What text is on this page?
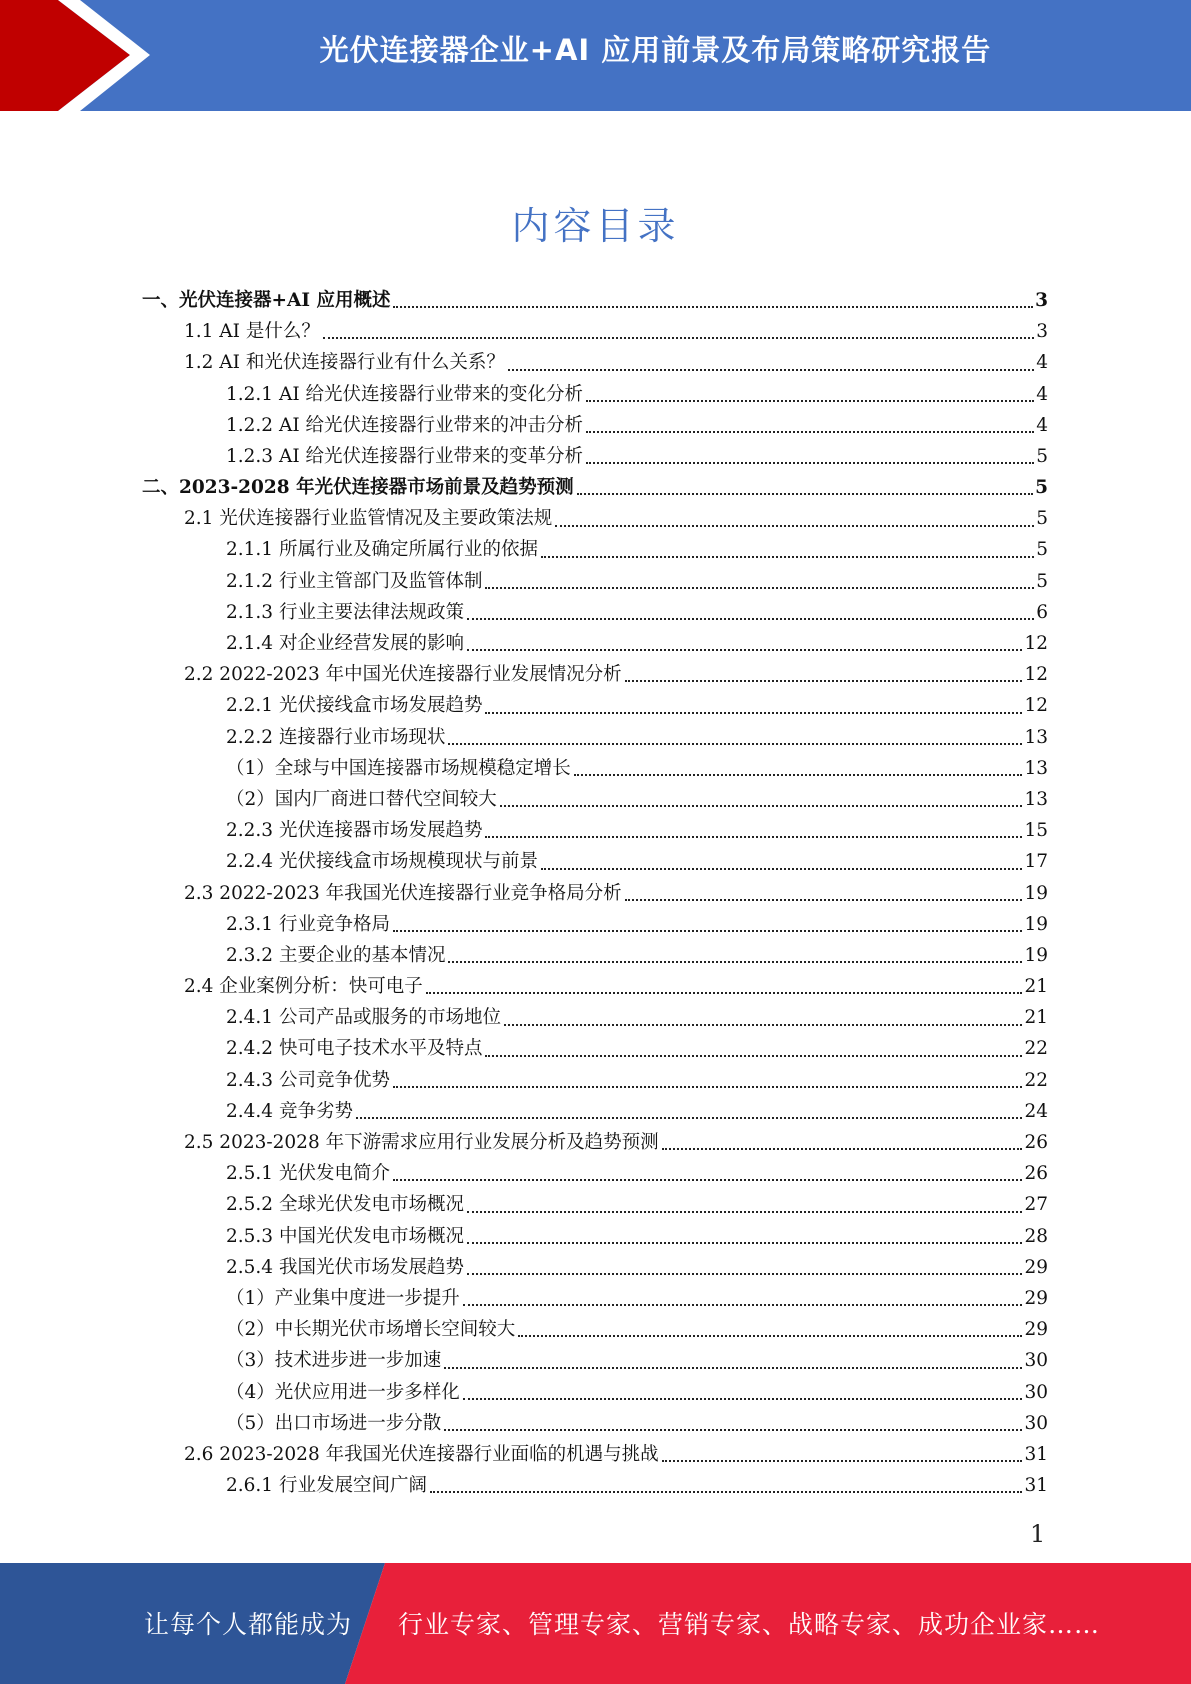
光伏连接器企业+AI 应用前景及布局策略研究报告
内容目录
一、光伏连接器+AI 应用概述	3
1.1 AI 是什么？	3
1.2 AI 和光伏连接器行业有什么关系？	4
1.2.1 AI 给光伏连接器行业带来的变化分析	4
1.2.2 AI 给光伏连接器行业带来的冲击分析	4
1.2.3 AI 给光伏连接器行业带来的变革分析	5
二、2023-2028 年光伏连接器市场前景及趋势预测	5
2.1 光伏连接器行业监管情况及主要政策法规	5
2.1.1 所属行业及确定所属行业的依据	5
2.1.2 行业主管部门及监管体制	5
2.1.3 行业主要法律法规政策	6
2.1.4 对企业经营发展的影响	12
2.2 2022-2023 年中国光伏连接器行业发展情况分析	12
2.2.1 光伏接线盒市场发展趋势	12
2.2.2 连接器行业市场现状	13
（1）全球与中国连接器市场规模稳定增长	13
（2）国内厂商进口替代空间较大	13
2.2.3 光伏连接器市场发展趋势	15
2.2.4 光伏接线盒市场规模现状与前景	17
2.3 2022-2023 年我国光伏连接器行业竞争格局分析	19
2.3.1 行业竞争格局	19
2.3.2 主要企业的基本情况	19
2.4 企业案例分析：快可电子	21
2.4.1 公司产品或服务的市场地位	21
2.4.2 快可电子技术水平及特点	22
2.4.3 公司竞争优势	22
2.4.4 竞争劣势	24
2.5 2023-2028 年下游需求应用行业发展分析及趋势预测	26
2.5.1 光伏发电简介	26
2.5.2 全球光伏发电市场概况	27
2.5.3 中国光伏发电市场概况	28
2.5.4 我国光伏市场发展趋势	29
（1）产业集中度进一步提升	29
（2）中长期光伏市场增长空间较大	29
（3）技术进步进一步加速	30
（4）光伏应用进一步多样化	30
（5）出口市场进一步分散	30
2.6 2023-2028 年我国光伏连接器行业面临的机遇与挑战	31
2.6.1 行业发展空间广阔	31
1
让每个人都能成为 行业专家、管理专家、营销专家、战略专家、成功企业家……
